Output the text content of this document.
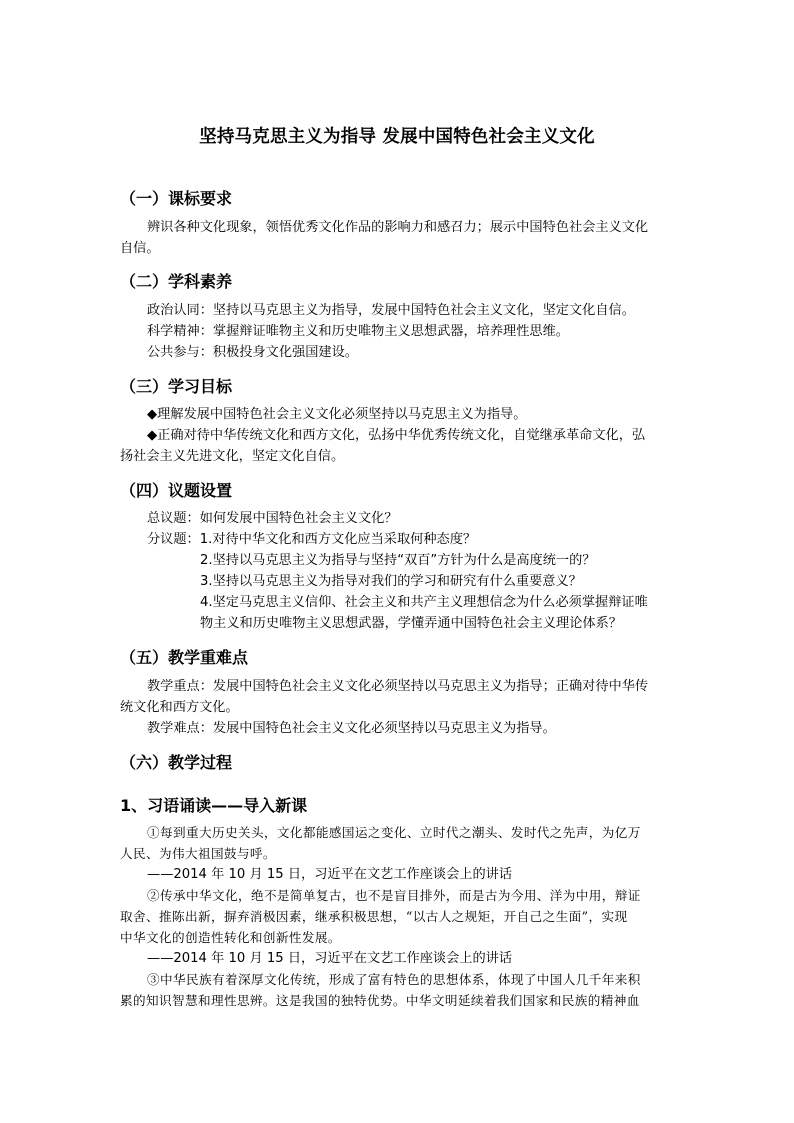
坚持马克思主义为指导 发展中国特色社会主义文化
（一）课标要求
辨识各种文化现象，领悟优秀文化作品的影响力和感召力；展示中国特色社会主义文化
自信。
（二）学科素养
政治认同：坚持以马克思主义为指导，发展中国特色社会主义文化，坚定文化自信。
科学精神：掌握辩证唯物主义和历史唯物主义思想武器，培养理性思维。
公共参与：积极投身文化强国建设。
（三）学习目标
◆理解发展中国特色社会主义文化必须坚持以马克思主义为指导。
◆正确对待中华传统文化和西方文化，弘扬中华优秀传统文化，自觉继承革命文化，弘
扬社会主义先进文化，坚定文化自信。
（四）议题设置
总议题：如何发展中国特色社会主义文化？
分议题：1.对待中华文化和西方文化应当采取何种态度？
2.坚持以马克思主义为指导与坚持“双百”方针为什么是高度统一的？
3.坚持以马克思主义为指导对我们的学习和研究有什么重要意义？
4.坚定马克思主义信仰、社会主义和共产主义理想信念为什么必须掌握辩证唯
物主义和历史唯物主义思想武器，学懂弄通中国特色社会主义理论体系？
（五）教学重难点
教学重点：发展中国特色社会主义文化必须坚持以马克思主义为指导；正确对待中华传
统文化和西方文化。
教学难点：发展中国特色社会主义文化必须坚持以马克思主义为指导。
（六）教学过程
1、习语诵读——导入新课
①每到重大历史关头，文化都能感国运之变化、立时代之潮头、发时代之先声，为亿万
人民、为伟大祖国鼓与呼。
——2014 年 10 月 15 日，习近平在文艺工作座谈会上的讲话
②传承中华文化，绝不是简单复古，也不是盲目排外，而是古为今用、洋为中用，辩证
取舍、推陈出新，摒弃消极因素，继承积极思想，“以古人之规矩，开自己之生面”，实现
中华文化的创造性转化和创新性发展。
——2014 年 10 月 15 日，习近平在文艺工作座谈会上的讲话
③中华民族有着深厚文化传统，形成了富有特色的思想体系，体现了中国人几千年来积
累的知识智慧和理性思辨。这是我国的独特优势。中华文明延续着我们国家和民族的精神血
